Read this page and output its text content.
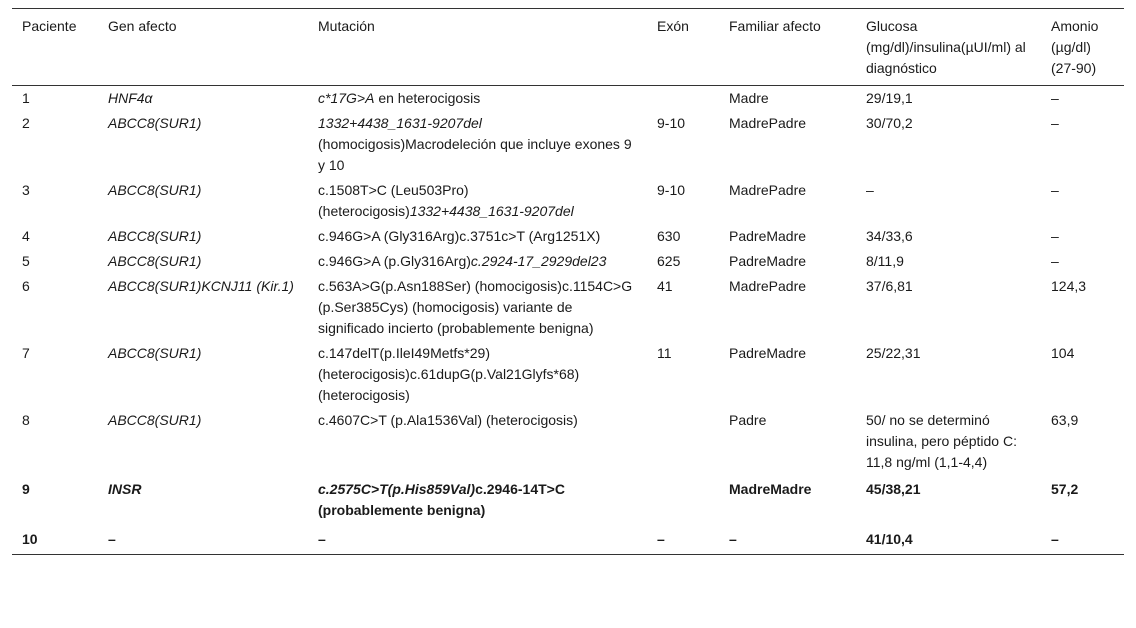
Paciente	Gen afecto	Mutación	Exón	Familiar afecto	Glucosa (mg/dl)/insulina(µUI/ml) al diagnóstico	Amonio (µg/dl) (27-90)
1	HNF4α	c*17G>A en heterocigosis		Madre	29/19,1	–
2	ABCC8(SUR1)	1332+4438_1631-9207del (homocigosis)Macrodeleción que incluye exones 9 y 10	9-10	MadrePadre	30/70,2	–
3	ABCC8(SUR1)	c.1508T>C (Leu503Pro) (heterocigosis)1332+4438_1631-9207del	9-10	MadrePadre	–	–
4	ABCC8(SUR1)	c.946G>A (Gly316Arg)c.3751c>T (Arg1251X)	630	PadreMadre	34/33,6	–
5	ABCC8(SUR1)	c.946G>A (p.Gly316Arg)c.2924-17_2929del23	625	PadreMadre	8/11,9	–
6	ABCC8(SUR1)KCNJ11 (Kir.1)	c.563A>G(p.Asn188Ser) (homocigosis)c.1154C>G (p.Ser385Cys) (homocigosis) variante de significado incierto (probablemente benigna)	41	MadrePadre	37/6,81	124,3
7	ABCC8(SUR1)	c.147delT(p.IleI49Metfs*29) (heterocigosis)c.61dupG(p.Val21Glyfs*68) (heterocigosis)	11	PadreMadre	25/22,31	104
8	ABCC8(SUR1)	c.4607C>T (p.Ala1536Val) (heterocigosis)		Padre	50/ no se determinó insulina, pero péptido C: 11,8 ng/ml (1,1-4,4)	63,9
9	INSR	c.2575C>T(p.His859Val)c.2946-14T>C (probablemente benigna)		MadreMadre	45/38,21	57,2
10	–	–	–	–	41/10,4	–
